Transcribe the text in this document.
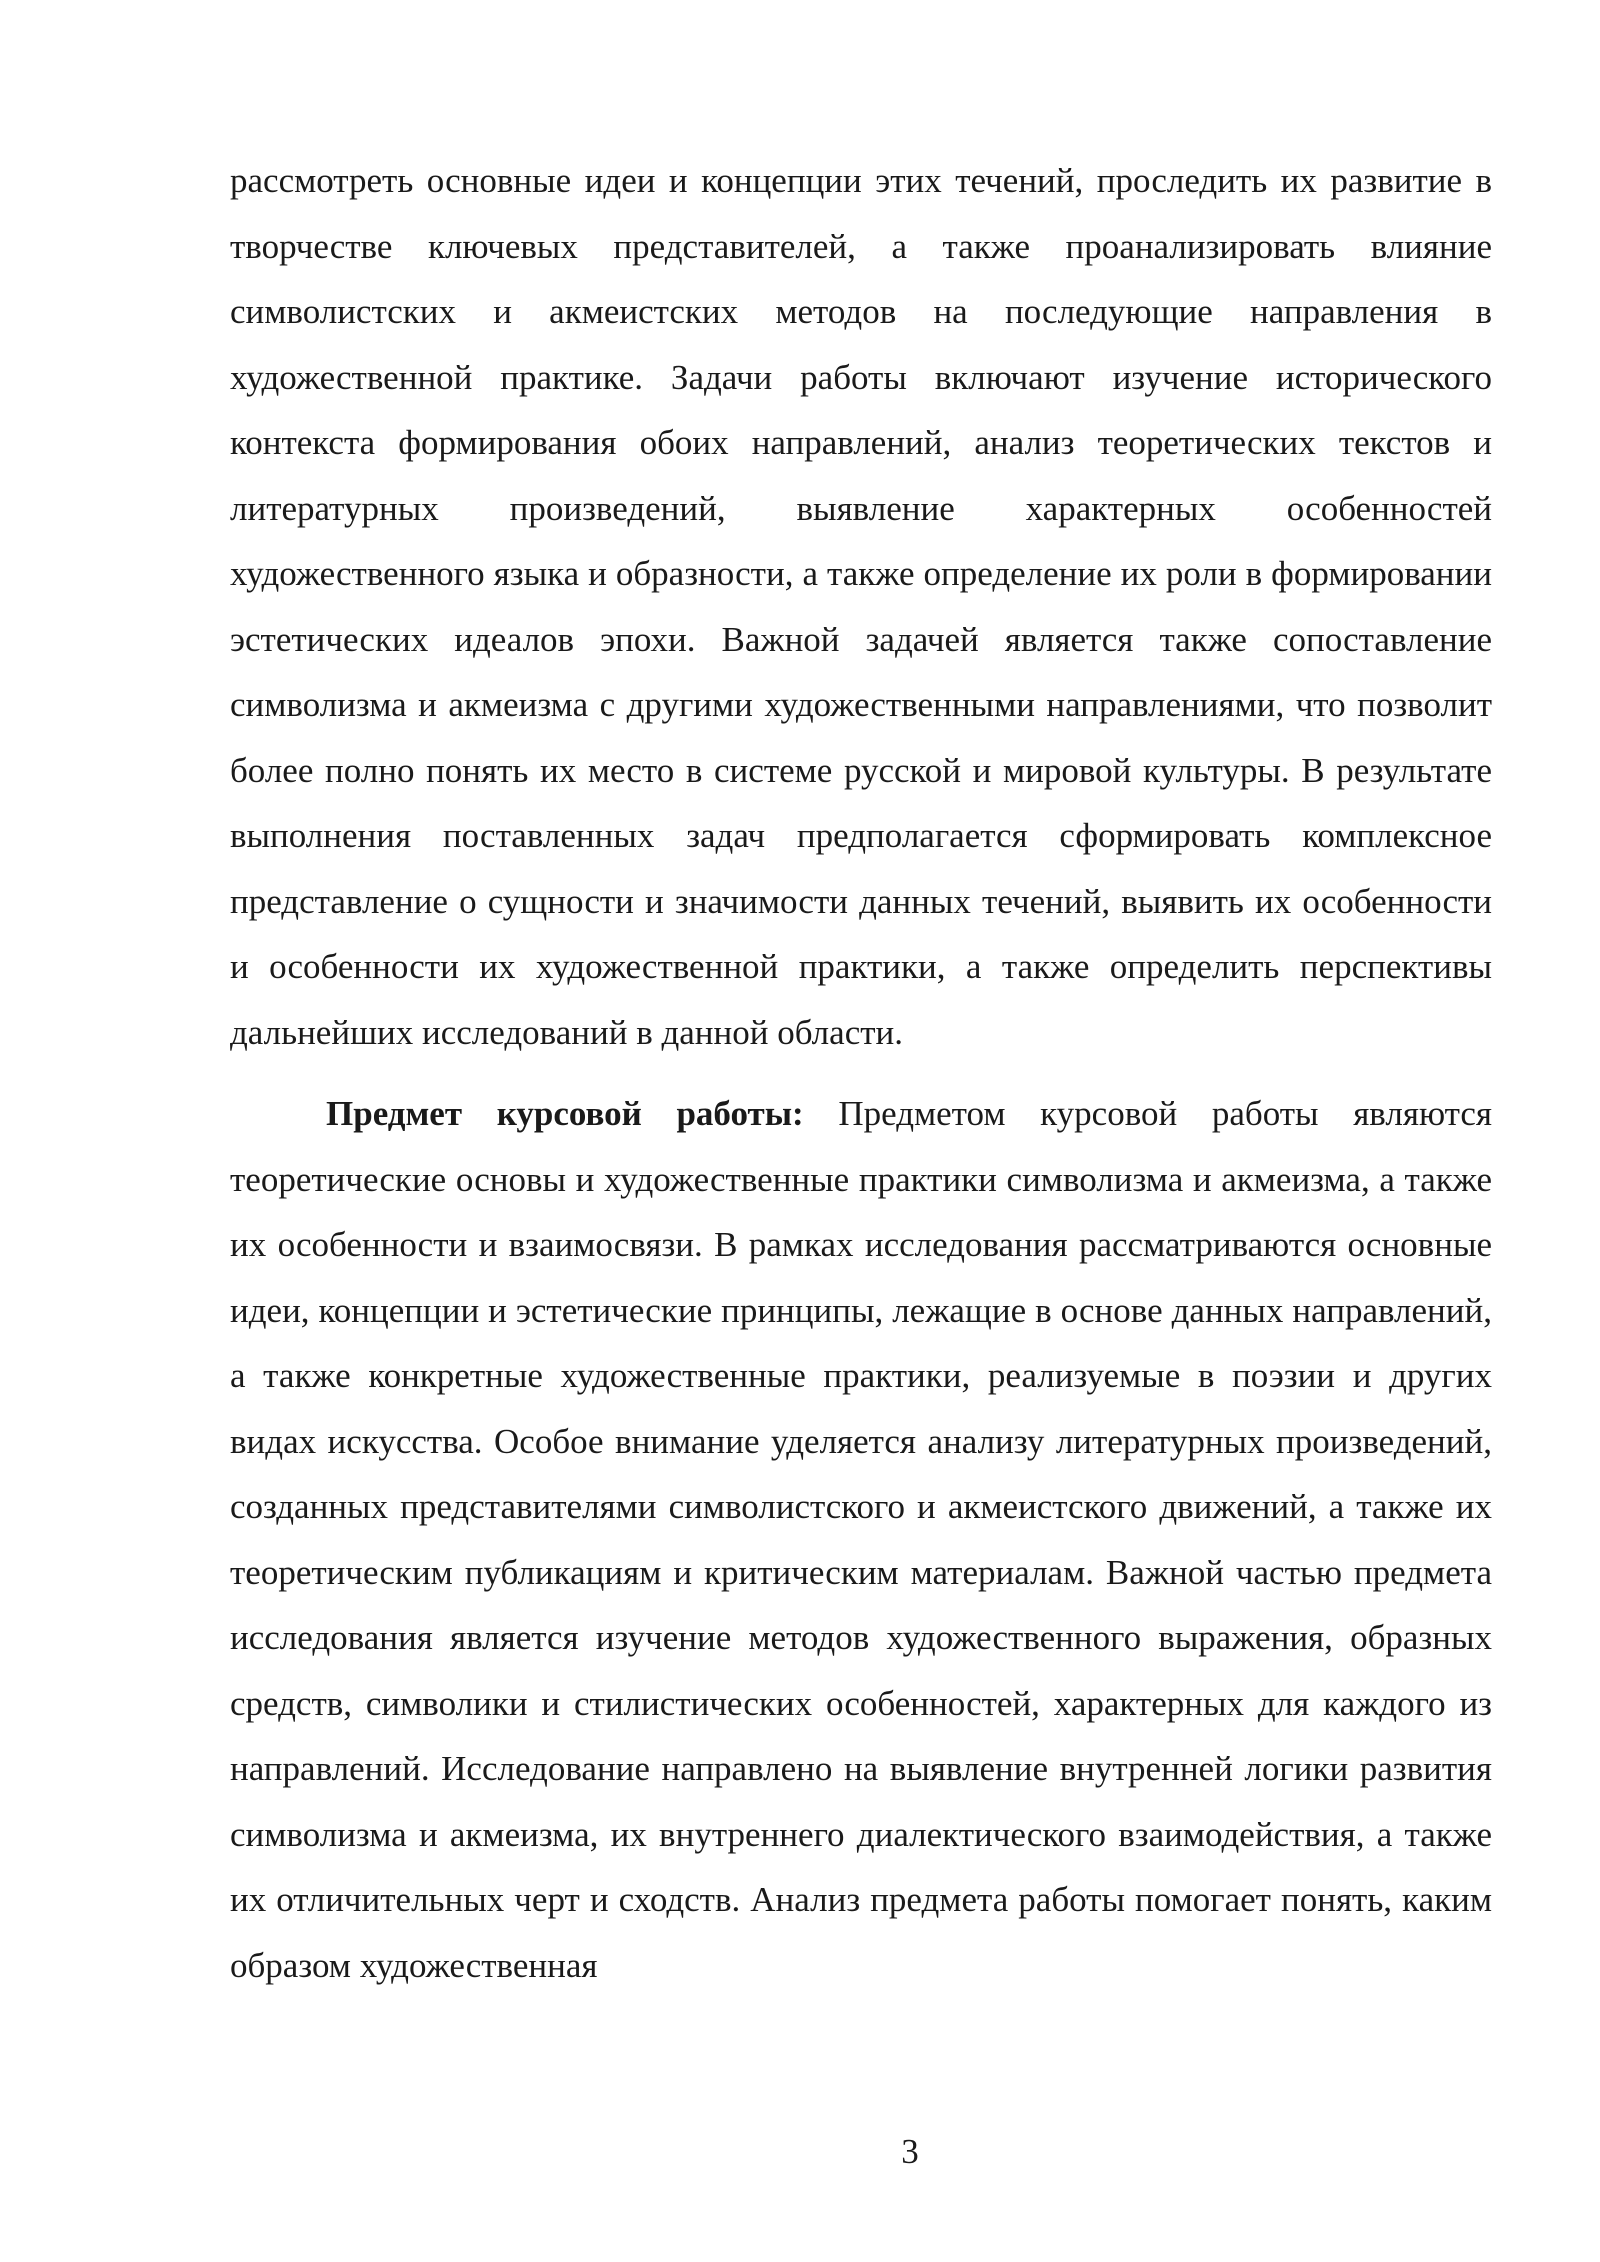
рассмотреть основные идеи и концепции этих течений, проследить их развитие в творчестве ключевых представителей, а также проанализировать влияние символистских и акмеистских методов на последующие направления в художественной практике. Задачи работы включают изучение исторического контекста формирования обоих направлений, анализ теоретических текстов и литературных произведений, выявление характерных особенностей художественного языка и образности, а также определение их роли в формировании эстетических идеалов эпохи. Важной задачей является также сопоставление символизма и акмеизма с другими художественными направлениями, что позволит более полно понять их место в системе русской и мировой культуры. В результате выполнения поставленных задач предполагается сформировать комплексное представление о сущности и значимости данных течений, выявить их особенности и особенности их художественной практики, а также определить перспективы дальнейших исследований в данной области.

Предмет курсовой работы: Предметом курсовой работы являются теоретические основы и художественные практики символизма и акмеизма, а также их особенности и взаимосвязи. В рамках исследования рассматриваются основные идеи, концепции и эстетические принципы, лежащие в основе данных направлений, а также конкретные художественные практики, реализуемые в поэзии и других видах искусства. Особое внимание уделяется анализу литературных произведений, созданных представителями символистского и акмеистского движений, а также их теоретическим публикациям и критическим материалам. Важной частью предмета исследования является изучение методов художественного выражения, образных средств, символики и стилистических особенностей, характерных для каждого из направлений. Исследование направлено на выявление внутренней логики развития символизма и акмеизма, их внутреннего диалектического взаимодействия, а также их отличительных черт и сходств. Анализ предмета работы помогает понять, каким образом художественная

3
